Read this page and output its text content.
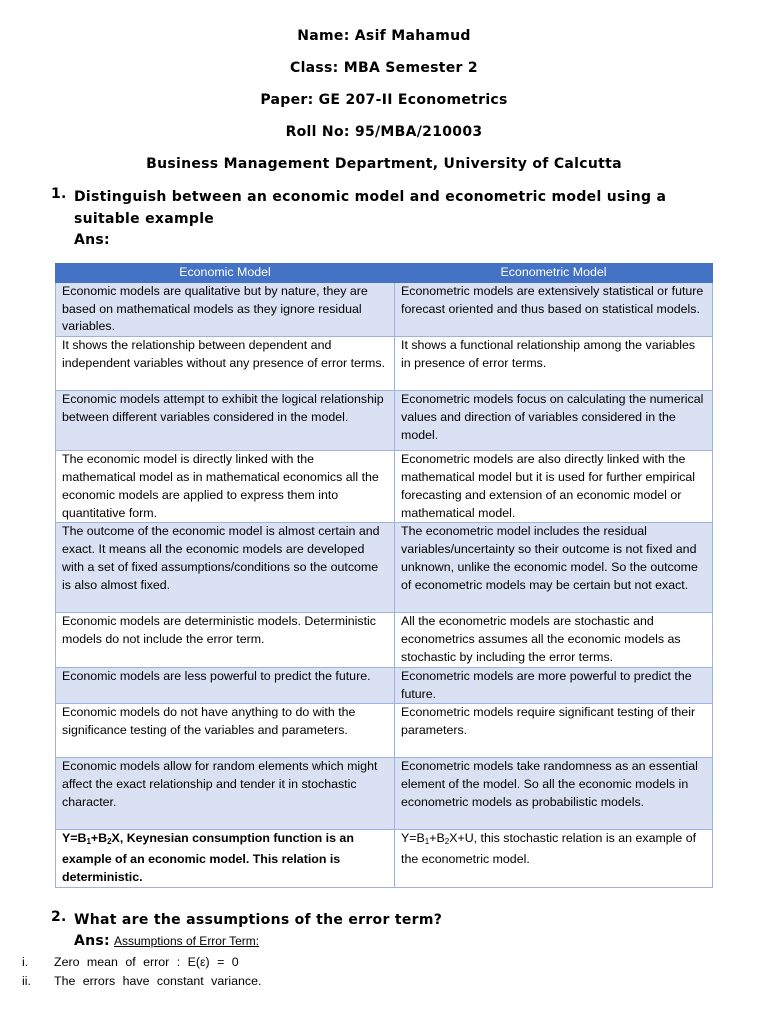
Name: Asif Mahamud
Class: MBA Semester 2
Paper: GE 207-II Econometrics
Roll No: 95/MBA/210003
Business Management Department, University of Calcutta
1. Distinguish between an economic model and econometric model using a suitable example
Ans:
Economic Model	Econometric Model
Economic models are qualitative but by nature, they are based on mathematical models as they ignore residual variables.	Econometric models are extensively statistical or future forecast oriented and thus based on statistical models.
It shows the relationship between dependent and independent variables without any presence of error terms.	It shows a functional relationship among the variables in presence of error terms.
Economic models attempt to exhibit the logical relationship between different variables considered in the model.	Econometric models focus on calculating the numerical values and direction of variables considered in the model.
The economic model is directly linked with the mathematical model as in mathematical economics all the economic models are applied to express them into quantitative form.	Econometric models are also directly linked with the mathematical model but it is used for further empirical forecasting and extension of an economic model or mathematical model.
The outcome of the economic model is almost certain and exact. It means all the economic models are developed with a set of fixed assumptions/conditions so the outcome is also almost fixed.	The econometric model includes the residual variables/uncertainty so their outcome is not fixed and unknown, unlike the economic model. So the outcome of econometric models may be certain but not exact.
Economic models are deterministic models. Deterministic models do not include the error term.	All the econometric models are stochastic and econometrics assumes all the economic models as stochastic by including the error terms.
Economic models are less powerful to predict the future.	Econometric models are more powerful to predict the future.
Economic models do not have anything to do with the significance testing of the variables and parameters.	Econometric models require significant testing of their parameters.
Economic models allow for random elements which might affect the exact relationship and tender it in stochastic character.	Econometric models take randomness as an essential element of the model. So all the economic models in econometric models as probabilistic models.
$Y=B_1+B_2X$, Keynesian consumption function is an example of an economic model. This relation is deterministic.	$Y=B_1+B_2X+U$, this stochastic relation is an example of the econometric model.
2. What are the assumptions of the error term?
Ans: Assumptions of Error Term:
i. Zero mean of error : E(ε) = 0
ii. The errors have constant variance.
